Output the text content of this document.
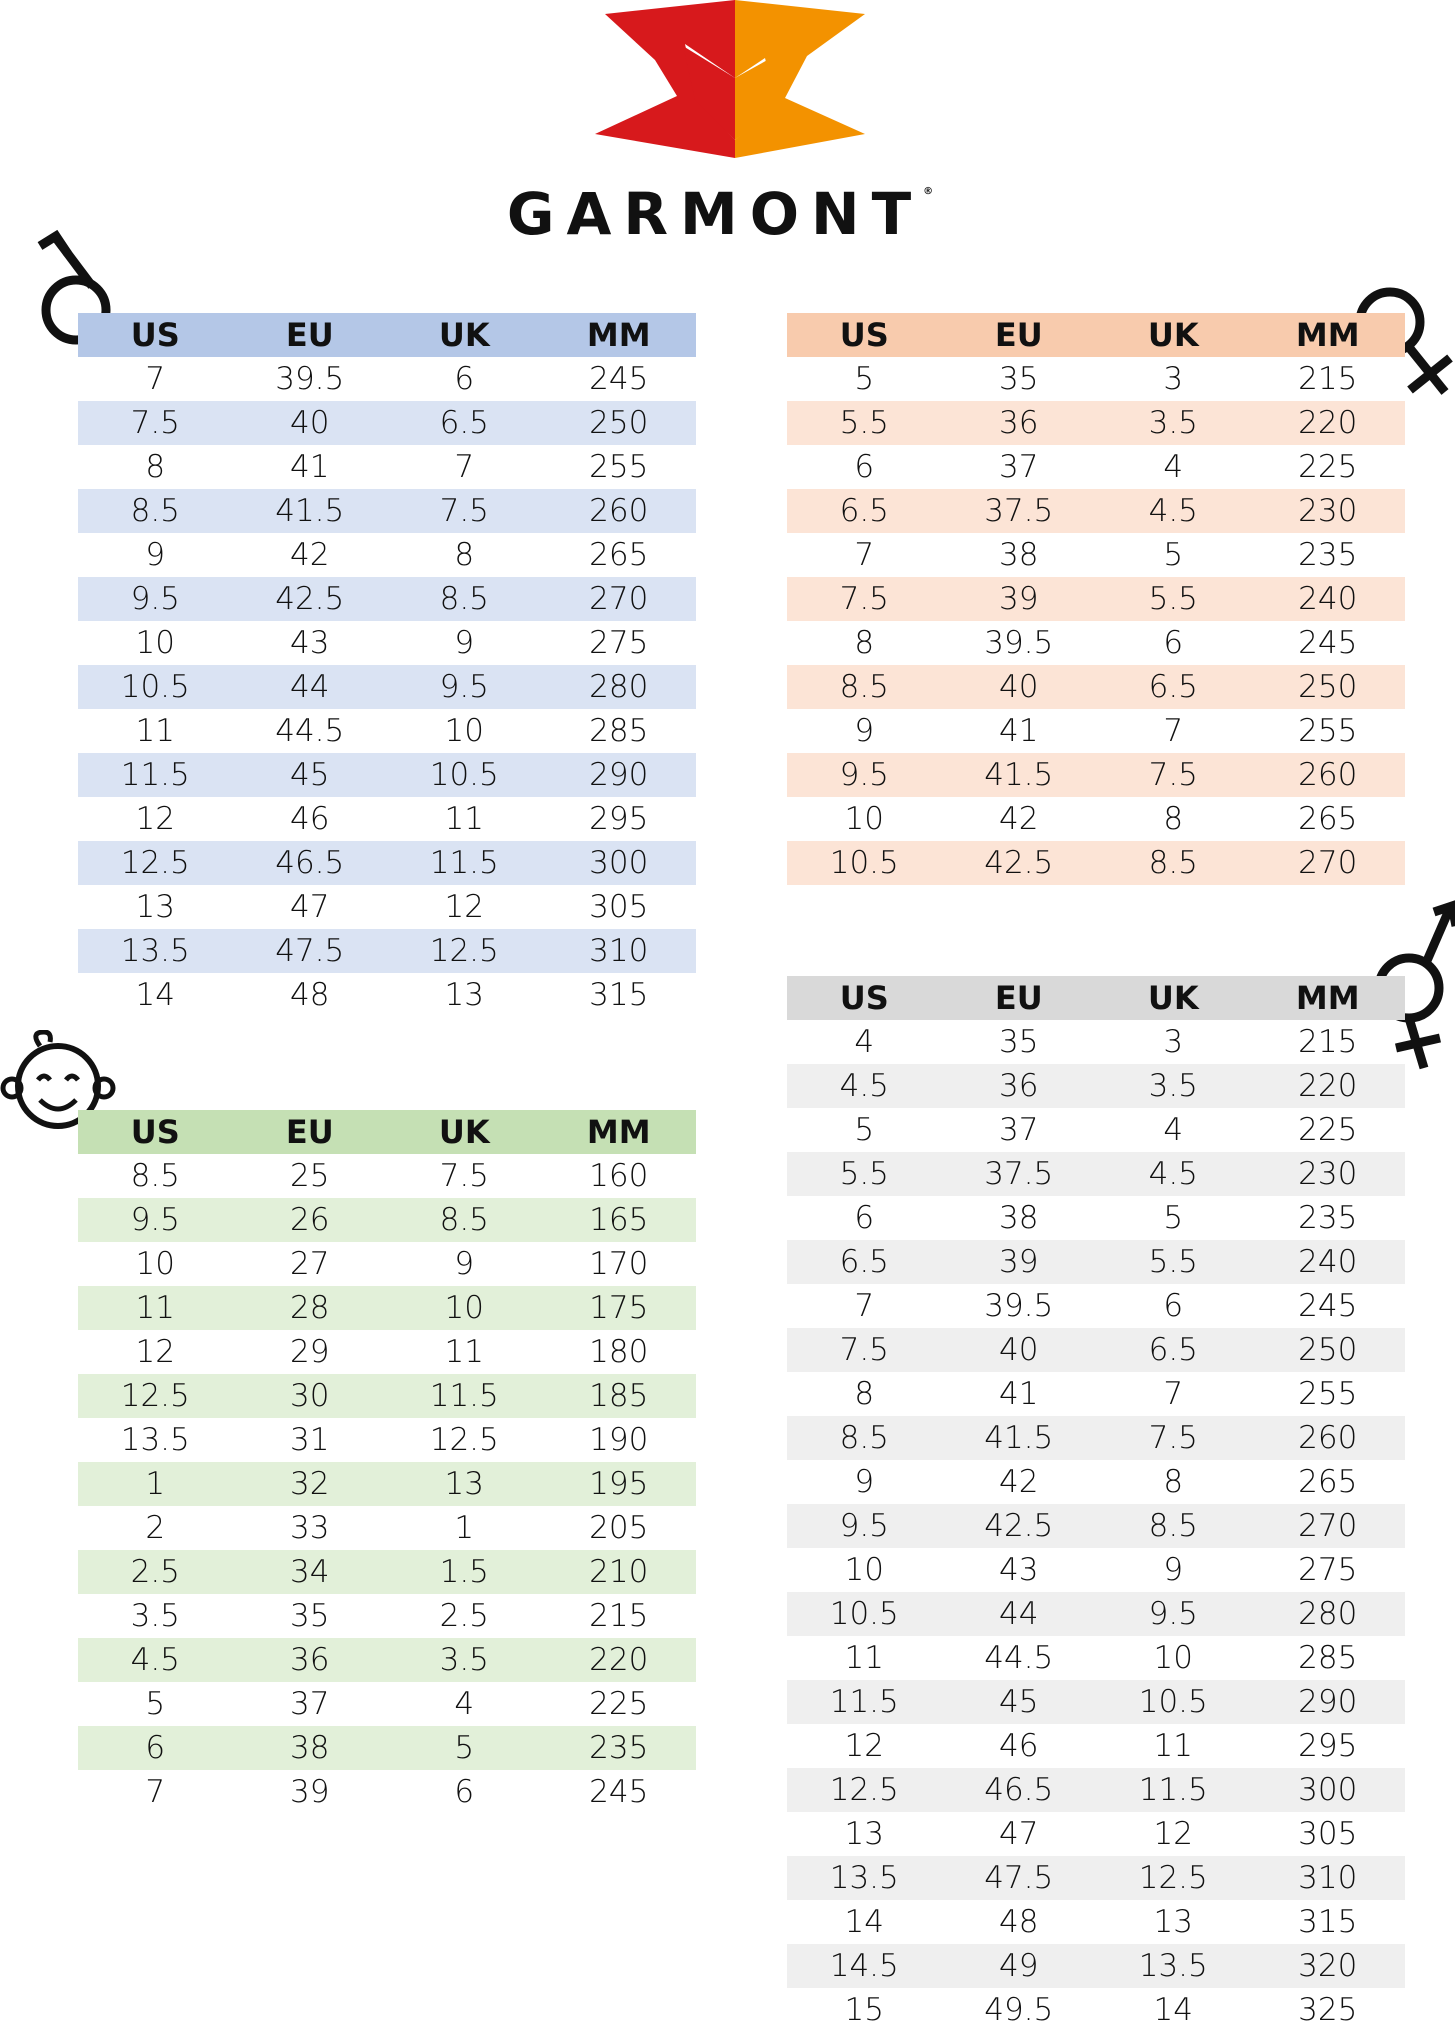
GARMONT®
US	EU	UK	MM
7	39.5	6	245
7.5	40	6.5	250
8	41	7	255
8.5	41.5	7.5	260
9	42	8	265
9.5	42.5	8.5	270
10	43	9	275
10.5	44	9.5	280
11	44.5	10	285
11.5	45	10.5	290
12	46	11	295
12.5	46.5	11.5	300
13	47	12	305
13.5	47.5	12.5	310
14	48	13	315
US	EU	UK	MM
5	35	3	215
5.5	36	3.5	220
6	37	4	225
6.5	37.5	4.5	230
7	38	5	235
7.5	39	5.5	240
8	39.5	6	245
8.5	40	6.5	250
9	41	7	255
9.5	41.5	7.5	260
10	42	8	265
10.5	42.5	8.5	270
US	EU	UK	MM
8.5	25	7.5	160
9.5	26	8.5	165
10	27	9	170
11	28	10	175
12	29	11	180
12.5	30	11.5	185
13.5	31	12.5	190
1	32	13	195
2	33	1	205
2.5	34	1.5	210
3.5	35	2.5	215
4.5	36	3.5	220
5	37	4	225
6	38	5	235
7	39	6	245
US	EU	UK	MM
4	35	3	215
4.5	36	3.5	220
5	37	4	225
5.5	37.5	4.5	230
6	38	5	235
6.5	39	5.5	240
7	39.5	6	245
7.5	40	6.5	250
8	41	7	255
8.5	41.5	7.5	260
9	42	8	265
9.5	42.5	8.5	270
10	43	9	275
10.5	44	9.5	280
11	44.5	10	285
11.5	45	10.5	290
12	46	11	295
12.5	46.5	11.5	300
13	47	12	305
13.5	47.5	12.5	310
14	48	13	315
14.5	49	13.5	320
15	49.5	14	325
